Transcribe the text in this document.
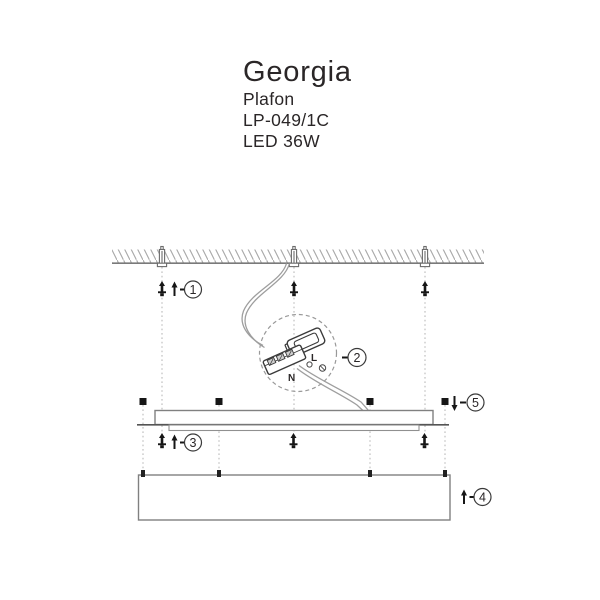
Georgia
Plafon
LP-049/1C
LED 36W
1
L
N
2
5
3
4
